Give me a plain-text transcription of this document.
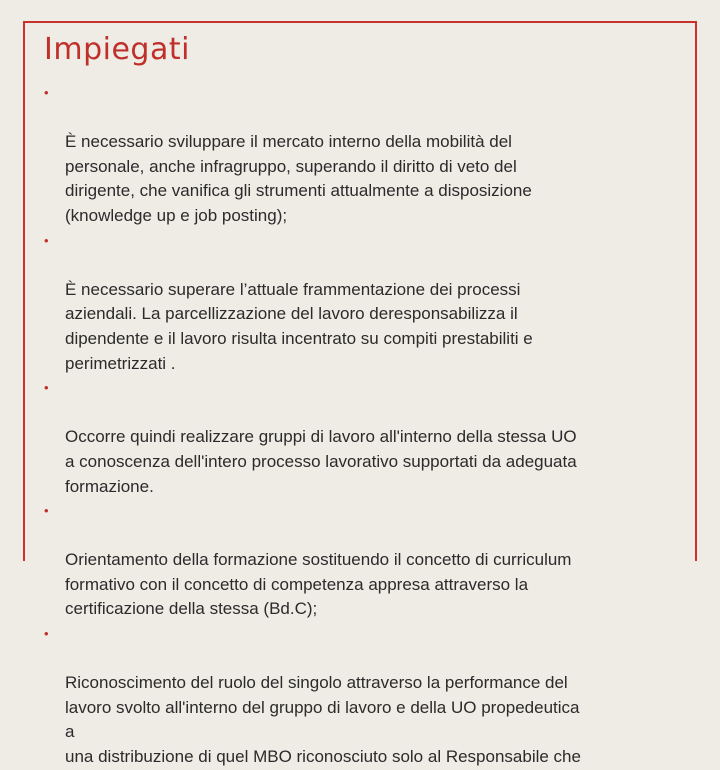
Impiegati

•

È necessario sviluppare il mercato interno della mobilità del
personale, anche infragruppo, superando il diritto di veto del
dirigente, che vanifica gli strumenti attualmente a disposizione
(knowledge up e job posting);

•

È necessario superare l’attuale frammentazione dei processi
aziendali. La parcellizzazione del lavoro deresponsabilizza il
dipendente e il lavoro risulta incentrato su compiti prestabiliti e
perimetrizzati .

•

Occorre quindi realizzare gruppi di lavoro all'interno della stessa UO
a conoscenza dell'intero processo lavorativo supportati da adeguata
formazione.

•

Orientamento della formazione sostituendo il concetto di curriculum
formativo con il concetto di competenza appresa attraverso la
certificazione della stessa (Bd.C);

•

Riconoscimento del ruolo del singolo attraverso la performance del
lavoro svolto all'interno del gruppo di lavoro e della UO propedeutica
a
una distribuzione di quel MBO riconosciuto solo al Responsabile che
